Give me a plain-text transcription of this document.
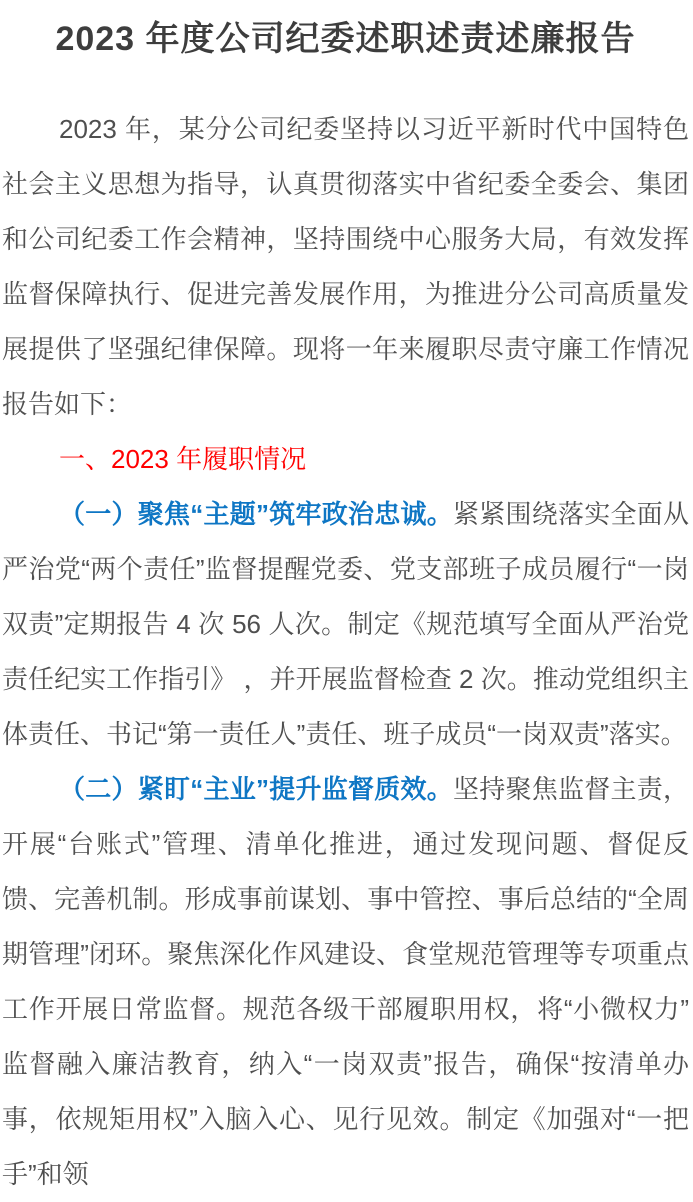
2023 年度公司纪委述职述责述廉报告

2023 年，某分公司纪委坚持以习近平新时代中国特色社会主义思想为指导，认真贯彻落实中省纪委全委会、集团和公司纪委工作会精神，坚持围绕中心服务大局，有效发挥监督保障执行、促进完善发展作用，为推进分公司高质量发展提供了坚强纪律保障。现将一年来履职尽责守廉工作情况报告如下：

一、2023 年履职情况

（一）聚焦“主题”筑牢政治忠诚。紧紧围绕落实全面从严治党“两个责任”监督提醒党委、党支部班子成员履行“一岗双责”定期报告 4 次 56 人次。制定《规范填写全面从严治党责任纪实工作指引》 ，并开展监督检查 2 次。推动党组织主体责任、书记“第一责任人”责任、班子成员“一岗双责”落实。

（二）紧盯“主业”提升监督质效。坚持聚焦监督主责，开展“台账式”管理、清单化推进，通过发现问题、督促反馈、完善机制。形成事前谋划、事中管控、事后总结的“全周期管理”闭环。聚焦深化作风建设、食堂规范管理等专项重点工作开展日常监督。规范各级干部履职用权，将“小微权力”监督融入廉洁教育，纳入“一岗双责”报告，确保“按清单办事，依规矩用权”入脑入心、见行见效。制定《加强对“一把手”和领
